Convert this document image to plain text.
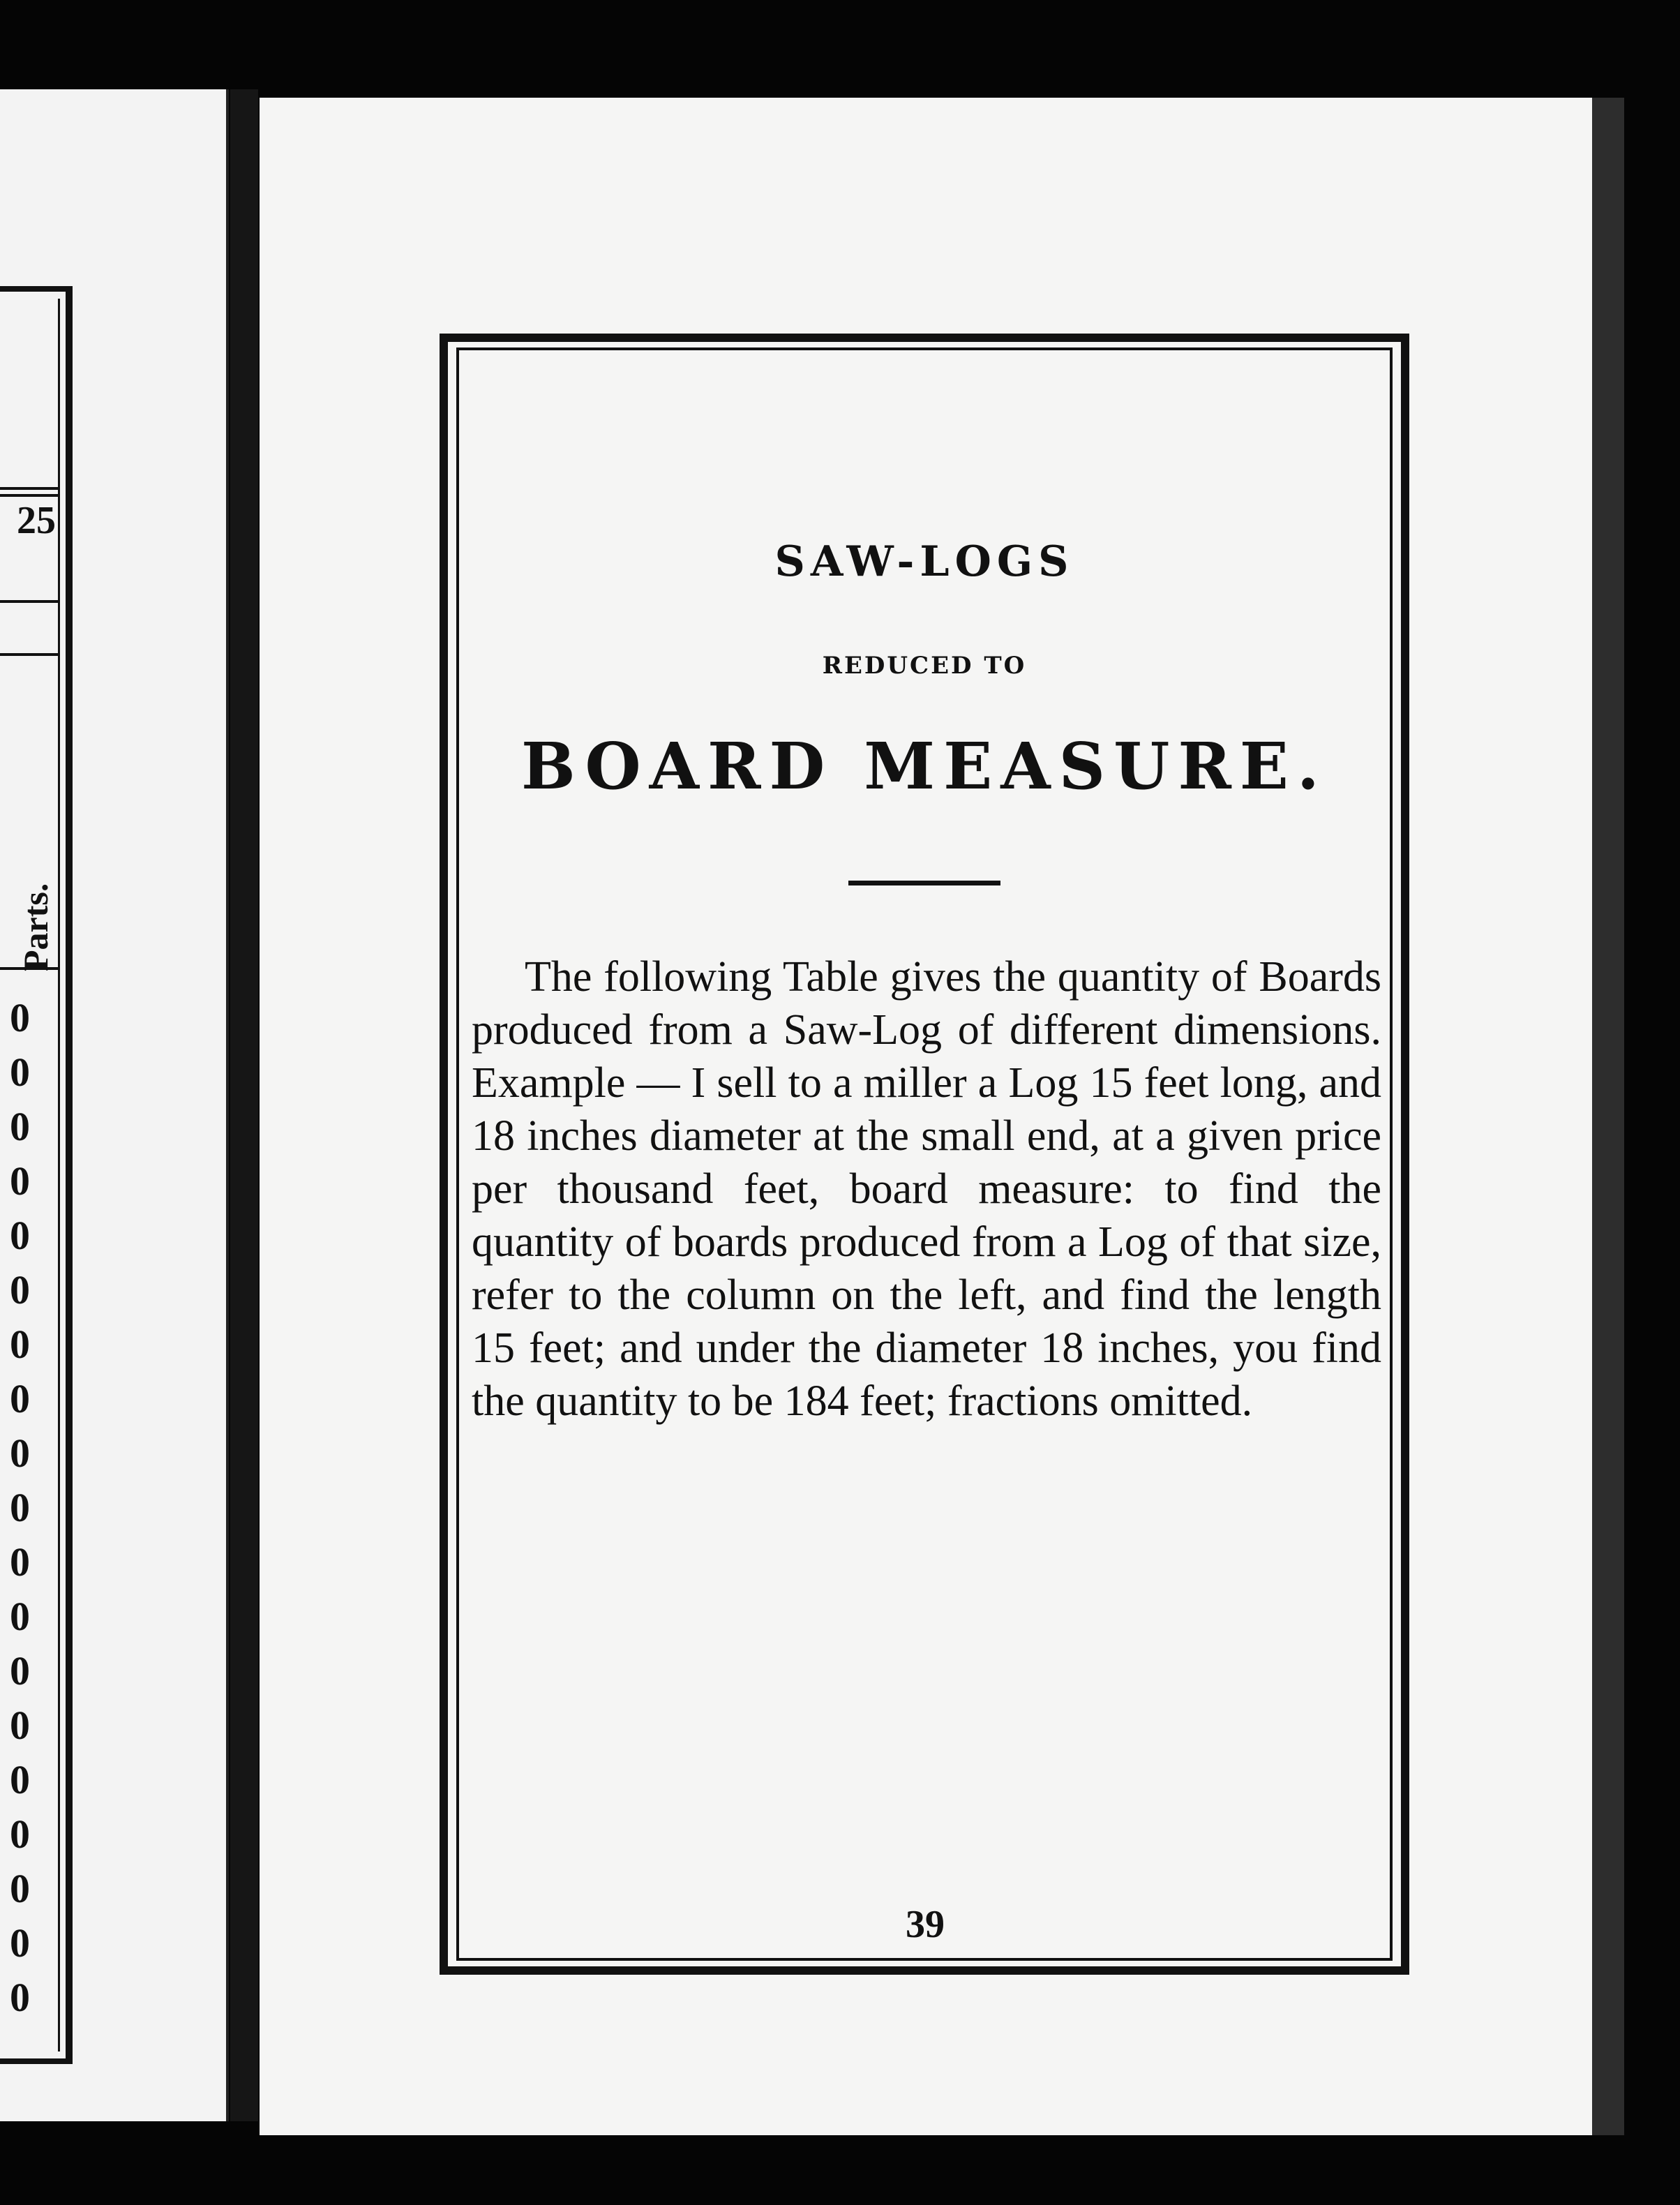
25
Parts.
0
0
0
0
0
0
0
0
0
0
0
0
0
0
0
0
0
0
0
SAW-LOGS
REDUCED TO
BOARD MEASURE.
The following Table gives the quantity of Boards produced from a Saw-Log of different dimensions. Example — I sell to a miller a Log 15 feet long, and 18 inches diameter at the small end, at a given price per thousand feet, board measure: to find the quantity of boards produced from a Log of that size, refer to the column on the left, and find the length 15 feet; and under the diameter 18 inches, you find the quantity to be 184 feet; fractions omitted.
39
